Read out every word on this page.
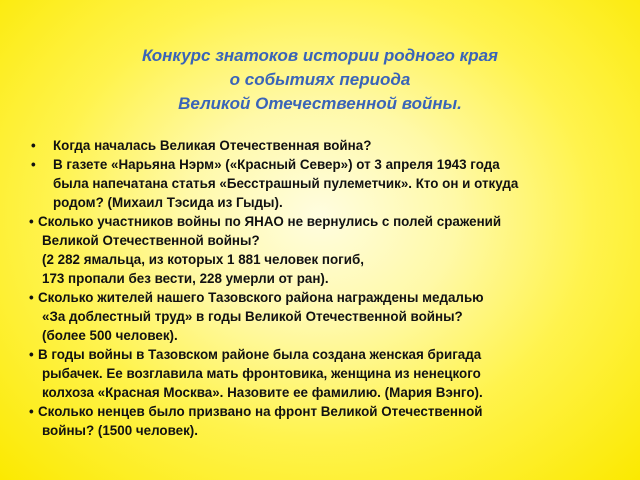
Конкурс знатоков истории родного края
о событиях периода
Великой Отечественной войны.
• Когда началась Великая Отечественная война?
• В газете «Нарьяна Нэрм» («Красный Север») от 3 апреля 1943 года
была напечатана статья «Бесстрашный пулеметчик». Кто он и откуда
родом? (Михаил Тэсида из Гыды).
• Сколько участников войны по ЯНАО не вернулись с полей сражений
Великой Отечественной войны?
(2 282 ямальца, из которых 1 881 человек погиб,
173 пропали без вести, 228 умерли от ран).
• Сколько жителей нашего Тазовского района награждены медалью
«За доблестный труд» в годы Великой Отечественной войны?
(более 500 человек).
• В годы войны в Тазовском районе была создана женская бригада
рыбачек. Ее возглавила мать фронтовика, женщина из ненецкого
колхоза «Красная Москва». Назовите ее фамилию. (Мария Вэнго).
• Сколько ненцев было призвано на фронт Великой Отечественной
войны? (1500 человек).
